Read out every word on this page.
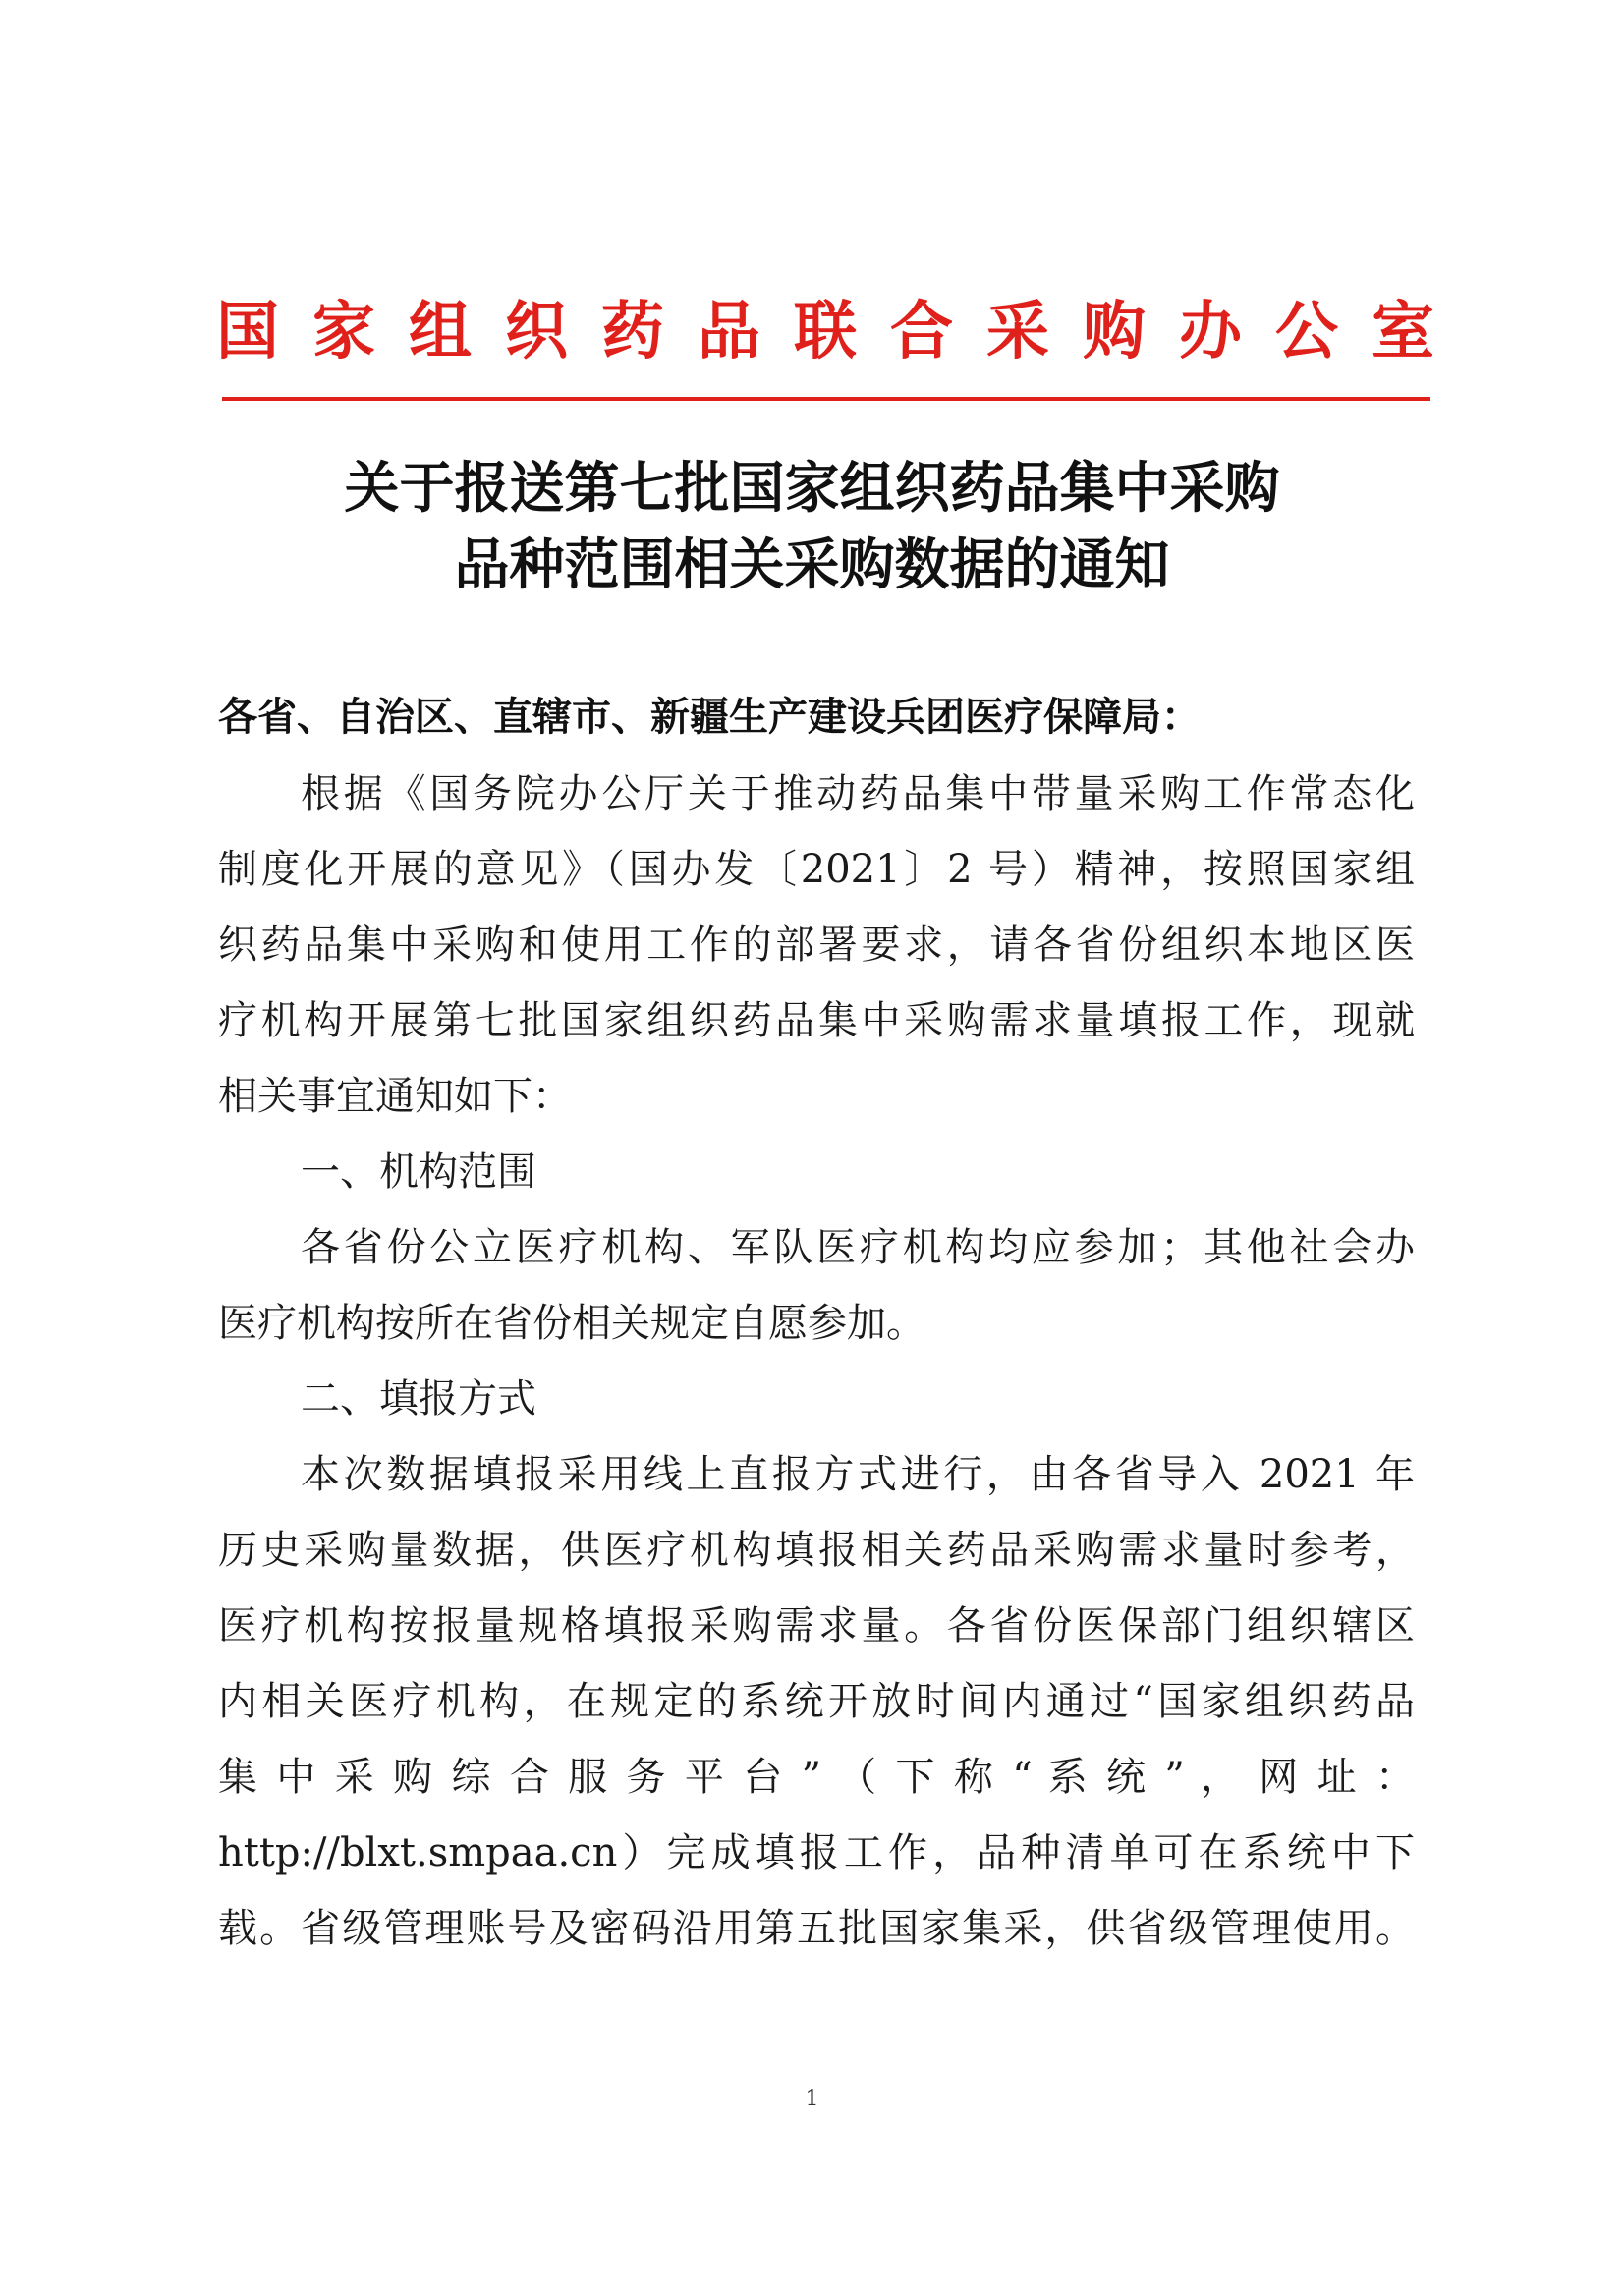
国 家 组 织 药 品 联 合 采 购 办 公 室
关于报送第七批国家组织药品集中采购
品种范围相关采购数据的通知
各省、自治区、直辖市、新疆生产建设兵团医疗保障局：
根据《国务院办公厅关于推动药品集中带量采购工作常态化
制度化开展的意见》（国办发〔2021〕2 号）精神，按照国家组
织药品集中采购和使用工作的部署要求，请各省份组织本地区医
疗机构开展第七批国家组织药品集中采购需求量填报工作，现就
相关事宜通知如下：
一、机构范围
各省份公立医疗机构、军队医疗机构均应参加；其他社会办
医疗机构按所在省份相关规定自愿参加。
二、填报方式
本次数据填报采用线上直报方式进行，由各省导入 2021 年
历史采购量数据，供医疗机构填报相关药品采购需求量时参考，
医疗机构按报量规格填报采购需求量。各省份医保部门组织辖区
内相关医疗机构，在规定的系统开放时间内通过“国家组织药品
集 中 采 购 综 合 服 务 平 台 ” （ 下 称 “ 系 统 ” ， 网 址 ：
http://blxt.smpaa.cn）完成填报工作，品种清单可在系统中下
载。省级管理账号及密码沿用第五批国家集采，供省级管理使用。
1
